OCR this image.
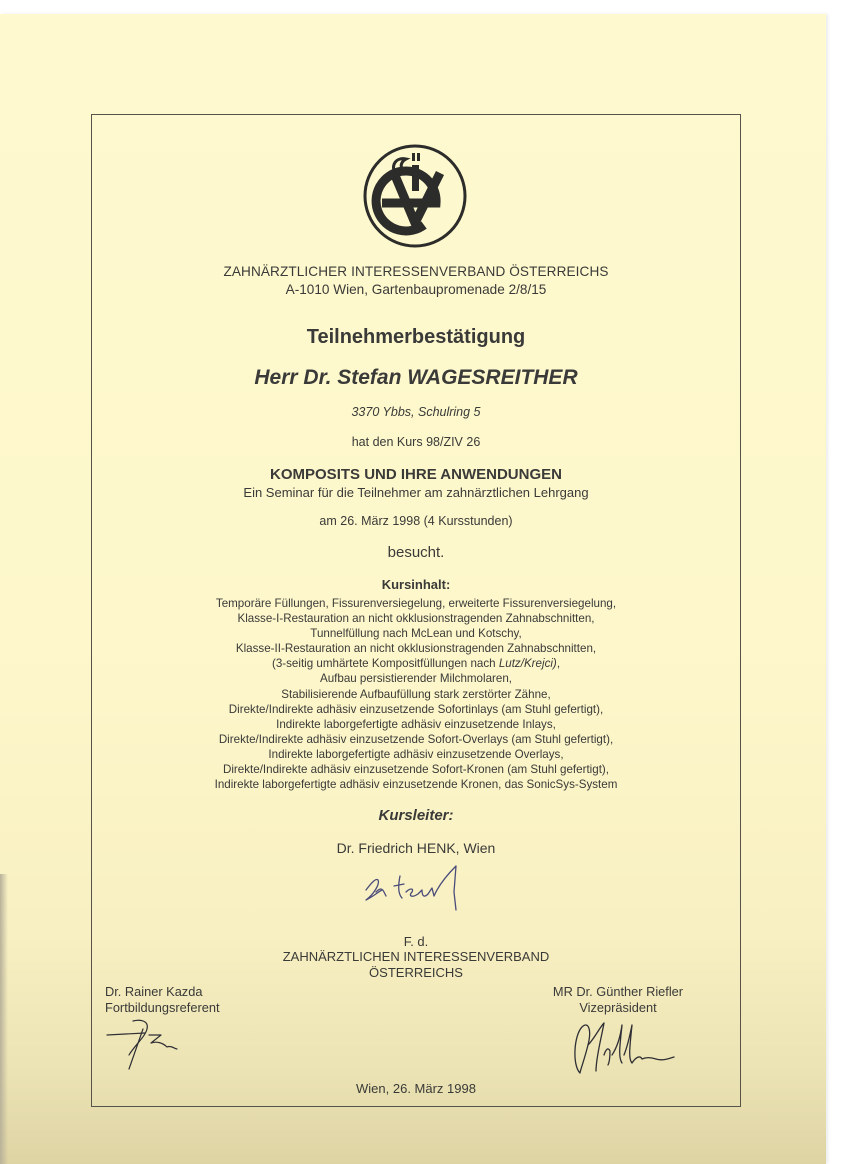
ZAHNÄRZTLICHER INTERESSENVERBAND ÖSTERREICHS
A-1010 Wien, Gartenbaupromenade 2/8/15
Teilnehmerbestätigung
Herr Dr. Stefan WAGESREITHER
3370 Ybbs, Schulring 5
hat den Kurs 98/ZIV 26
KOMPOSITS UND IHRE ANWENDUNGEN
Ein Seminar für die Teilnehmer am zahnärztlichen Lehrgang
am 26. März 1998 (4 Kursstunden)
besucht.
Kursinhalt:
Temporäre Füllungen, Fissurenversiegelung, erweiterte Fissurenversiegelung,
Klasse-I-Restauration an nicht okklusionstragenden Zahnabschnitten,
Tunnelfüllung nach McLean und Kotschy,
Klasse-II-Restauration an nicht okklusionstragenden Zahnabschnitten,
(3-seitig umhärtete Kompositfüllungen nach Lutz/Krejci),
Aufbau persistierender Milchmolaren,
Stabilisierende Aufbaufüllung stark zerstörter Zähne,
Direkte/Indirekte adhäsiv einzusetzende Sofortinlays (am Stuhl gefertigt),
Indirekte laborgefertigte adhäsiv einzusetzende Inlays,
Direkte/Indirekte adhäsiv einzusetzende Sofort-Overlays (am Stuhl gefertigt),
Indirekte laborgefertigte adhäsiv einzusetzende Overlays,
Direkte/Indirekte adhäsiv einzusetzende Sofort-Kronen (am Stuhl gefertigt),
Indirekte laborgefertigte adhäsiv einzusetzende Kronen, das SonicSys-System
Kursleiter:
Dr. Friedrich HENK, Wien
F. d.
ZAHNÄRZTLICHEN INTERESSENVERBAND
ÖSTERREICHS
Dr. Rainer Kazda
Fortbildungsreferent
MR Dr. Günther Riefler
Vizepräsident
Wien, 26. März 1998
